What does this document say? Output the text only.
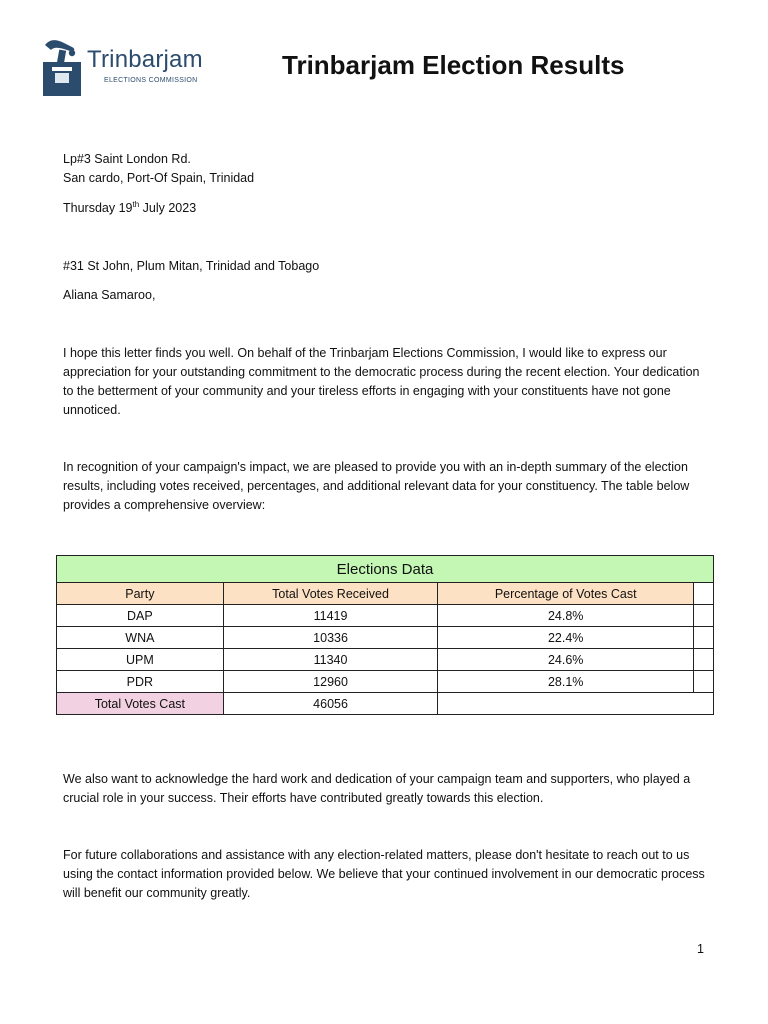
Trinbarjam
ELECTIONS COMMISSION
Trinbarjam Election Results
Lp#3 Saint London Rd.
San cardo, Port-Of Spain, Trinidad
Thursday 19th July 2023
#31 St John, Plum Mitan, Trinidad and Tobago
Aliana Samaroo,

I hope this letter finds you well. On behalf of the Trinbarjam Elections Commission, I would like to express our appreciation for your outstanding commitment to the democratic process during the recent election. Your dedication to the betterment of your community and your tireless efforts in engaging with your constituents have not gone unnoticed.

In recognition of your campaign's impact, we are pleased to provide you with an in-depth summary of the election results, including votes received, percentages, and additional relevant data for your constituency. The table below provides a comprehensive overview:

Elections Data			
Party	Total Votes Received	Percentage of Votes Cast	
DAP	11419	24.8%	
WNA	10336	22.4%	
UPM	11340	24.6%	
PDR	12960	28.1%	
Total Votes Cast	46056		

We also want to acknowledge the hard work and dedication of your campaign team and supporters, who played a crucial role in your success. Their efforts have contributed greatly towards this election.

For future collaborations and assistance with any election-related matters, please don't hesitate to reach out to us using the contact information provided below. We believe that your continued involvement in our democratic process will benefit our community greatly.

1
